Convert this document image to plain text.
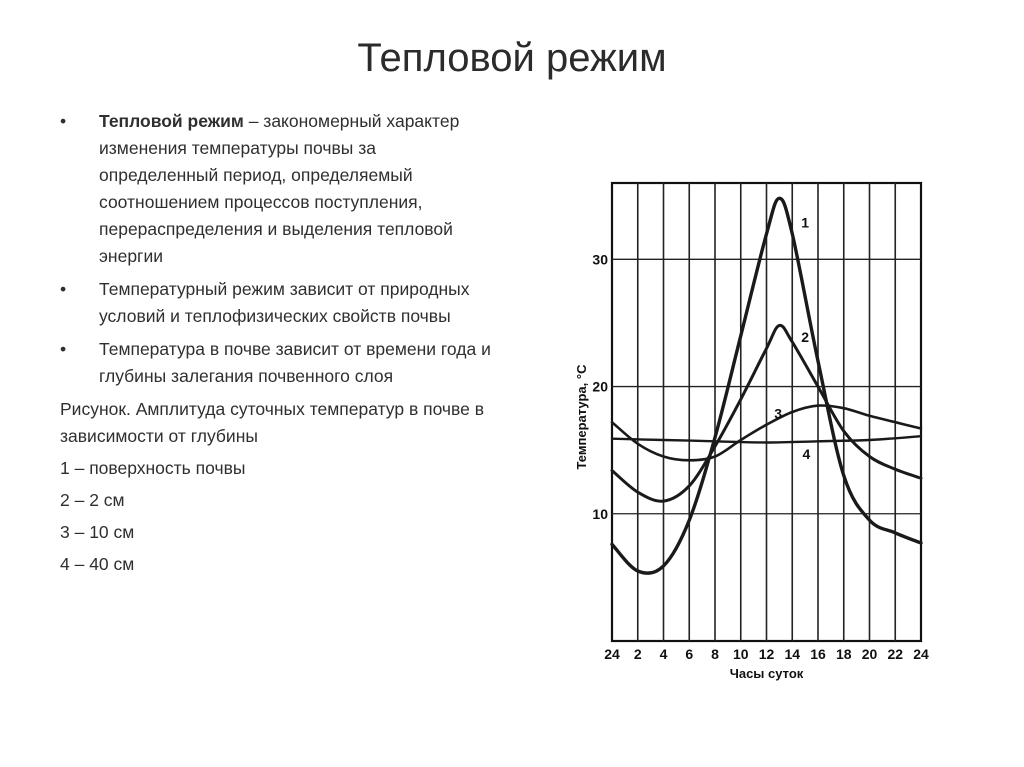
Тепловой режим
• Тепловой режим – закономерный характер изменения температуры почвы за определенный период, определяемый соотношением процессов поступления, перераспределения и выделения тепловой энергии
• Температурный режим зависит от природных условий и теплофизических свойств почвы
• Температура в почве зависит от времени года и глубины залегания почвенного слоя
Рисунок. Амплитуда суточных температур в почве в зависимости от глубины
1 – поверхность почвы
2 – 2 см
3 – 10 см
4 – 40 см
24 2 4 6 8 10 12 14 16 18 20 22 24
10
20
30
Часы суток
Температура, °С
1
2
3
4
